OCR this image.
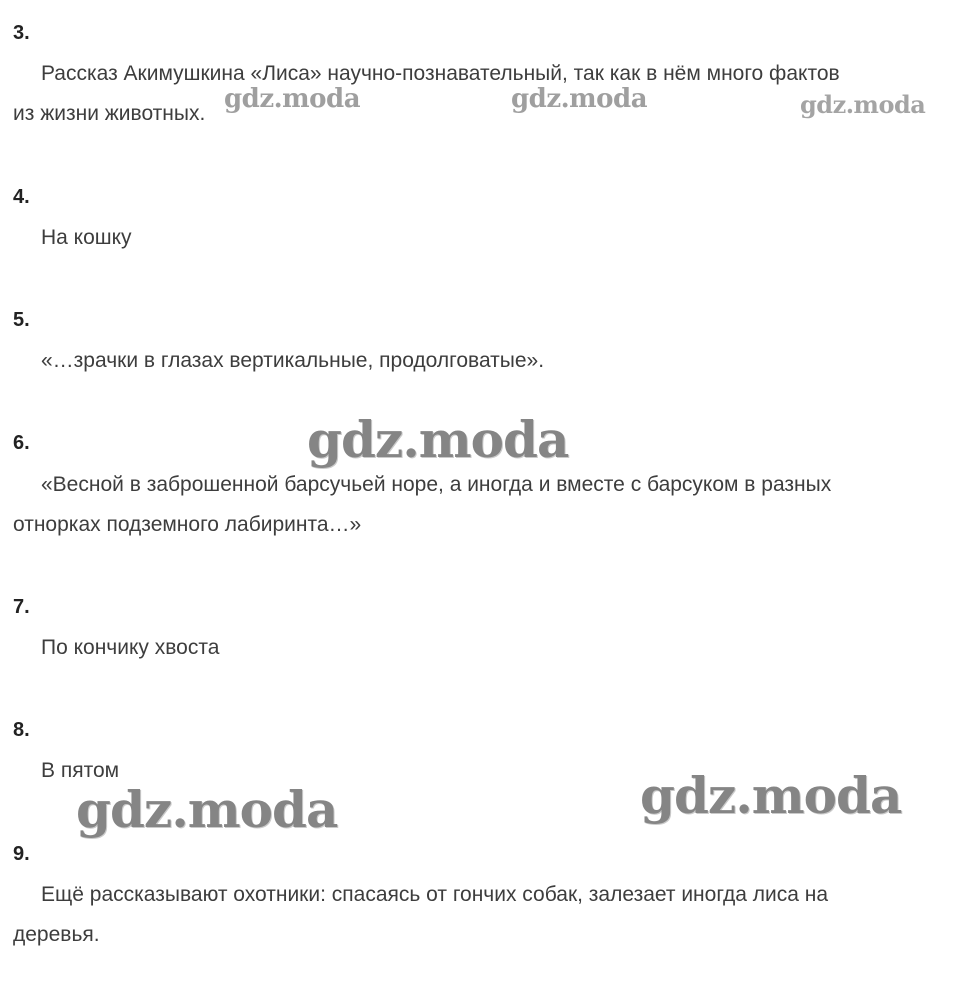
3.

Рассказ Акимушкина «Лиса» научно-познавательный, так как в нём много фактов

из жизни животных.

4.

На кошку

5.

«…зрачки в глазах вертикальные, продолговатые».

6.

«Весной в заброшенной барсучьей норе, а иногда и вместе с барсуком в разных

отнорках подземного лабиринта…»

7.

По кончику хвоста

8.

В пятом

9.

Ещё рассказывают охотники: спасаясь от гончих собак, залезает иногда лиса на

деревья.

gdz.moda	gdz.moda	gdz.moda
gdz.moda
gdz.moda	gdz.moda
